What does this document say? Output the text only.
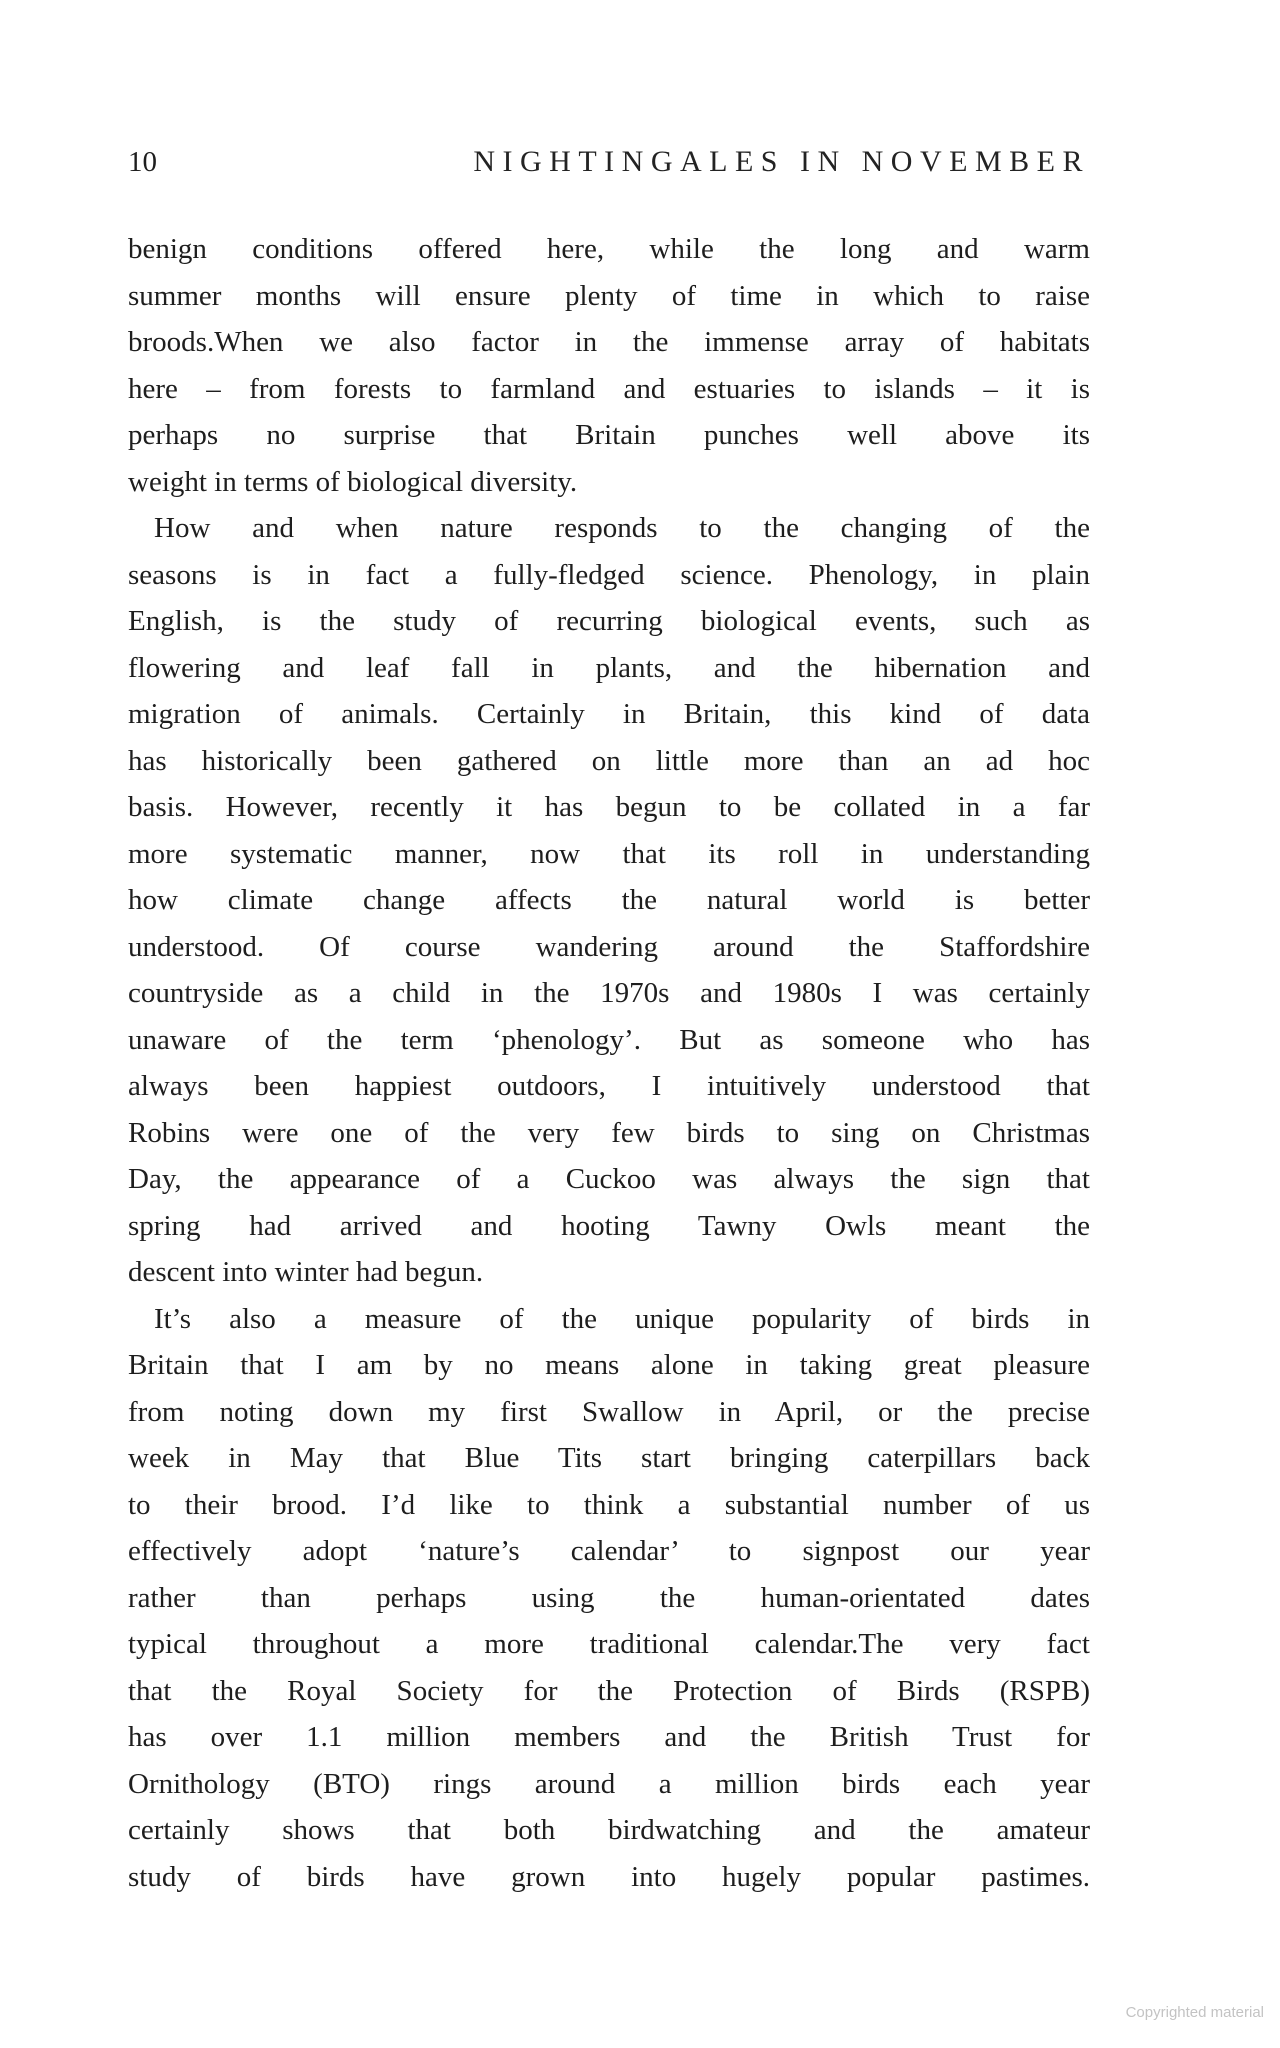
10	NIGHTINGALES IN NOVEMBER
benign conditions offered here, while the long and warm
summer months will ensure plenty of time in which to raise
broods.When we also factor in the immense array of habitats
here – from forests to farmland and estuaries to islands – it is
perhaps no surprise that Britain punches well above its
weight in terms of biological diversity.
How and when nature responds to the changing of the
seasons is in fact a fully-fledged science. Phenology, in plain
English, is the study of recurring biological events, such as
flowering and leaf fall in plants, and the hibernation and
migration of animals. Certainly in Britain, this kind of data
has historically been gathered on little more than an ad hoc
basis. However, recently it has begun to be collated in a far
more systematic manner, now that its roll in understanding
how climate change affects the natural world is better
understood. Of course wandering around the Staffordshire
countryside as a child in the 1970s and 1980s I was certainly
unaware of the term ‘phenology’. But as someone who has
always been happiest outdoors, I intuitively understood that
Robins were one of the very few birds to sing on Christmas
Day, the appearance of a Cuckoo was always the sign that
spring had arrived and hooting Tawny Owls meant the
descent into winter had begun.
It’s also a measure of the unique popularity of birds in
Britain that I am by no means alone in taking great pleasure
from noting down my first Swallow in April, or the precise
week in May that Blue Tits start bringing caterpillars back
to their brood. I’d like to think a substantial number of us
effectively adopt ‘nature’s calendar’ to signpost our year
rather than perhaps using the human-orientated dates
typical throughout a more traditional calendar.The very fact
that the Royal Society for the Protection of Birds (RSPB)
has over 1.1 million members and the British Trust for
Ornithology (BTO) rings around a million birds each year
certainly shows that both birdwatching and the amateur
study of birds have grown into hugely popular pastimes.
Copyrighted material
